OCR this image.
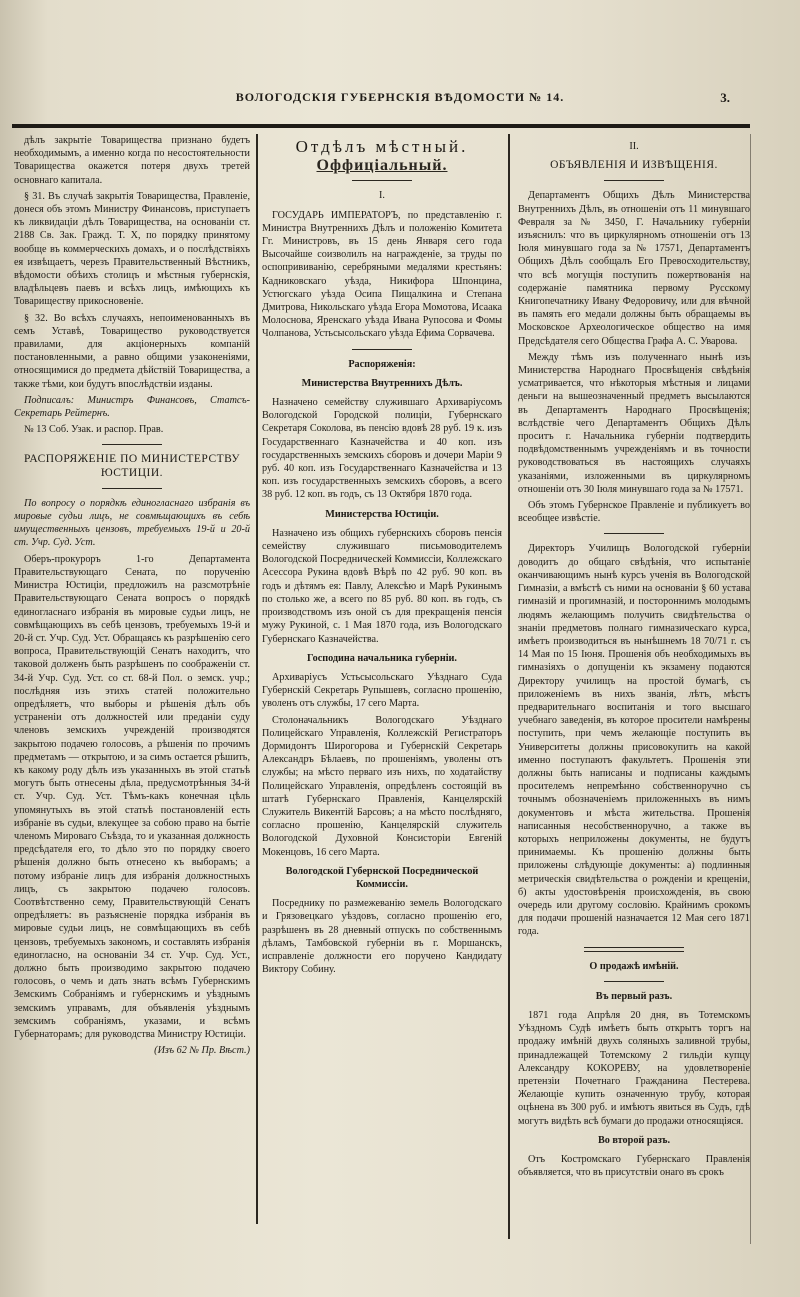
ВОЛОГОДСКІЯ ГУБЕРНСКІЯ ВѢДОМОСТИ № 14.	3.

дѣлъ закрытіе Товарищества признано будетъ необходимымъ, а именно когда по несостоятельности Товарищества окажется потеря двухъ третей основнаго капитала.

§ 31. Въ случаѣ закрытія Товарищества, Правленіе, донеся объ этомъ Министру Финансовъ, приступаетъ къ ликвидаціи дѣлъ Товарищества, на основаніи ст. 2188 Св. Зак. Гражд. Т. X, по порядку принятому вообще въ коммерческихъ домахъ, и о послѣдствіяхъ ея извѣщаетъ, черезъ Правительственный Вѣстникъ, вѣдомости обѣихъ столицъ и мѣстныя губернскія, владѣльцевъ паевъ и всѣхъ лицъ, имѣющихъ къ Товариществу прикосновеніе.

§ 32. Во всѣхъ случаяхъ, непоименованныхъ въ семъ Уставѣ, Товарищество руководствуется правилами, для акціонерныхъ компаній постановленными, а равно общими узаконеніями, относящимися до предмета дѣйствій Товарищества, а также тѣми, кои будутъ впослѣдствіи изданы.

Подписалъ: Министръ Финансовъ, Статсъ-Секретарь Рейтернъ.

№ 13 Соб. Узак. и распор. Прав.

РАСПОРЯЖЕНІЕ ПО МИНИСТЕРСТВУ ЮСТИЦІИ.

По вопросу о порядкѣ единогласнаго избранія въ мировые судьи лицъ, не совмѣщающихъ въ себѣ имущественныхъ цензовъ, требуемыхъ 19-й и 20-й ст. Учр. Суд. Уст.

Оберъ-прокуроръ 1-го Департамента Правительствующаго Сената, по порученію Министра Юстиціи, предложилъ на разсмотрѣніе Правительствующаго Сената вопросъ о порядкѣ единогласнаго избранія въ мировые судьи лицъ, не совмѣщающихъ въ себѣ цензовъ, требуемыхъ 19-й и 20-й ст. Учр. Суд. Уст. Обращаясь къ разрѣшенію сего вопроса, Правительствующій Сенатъ находитъ, что таковой долженъ быть разрѣшенъ по соображеніи ст. 34-й Учр. Суд. Уст. со ст. 68-й Пол. о земск. учр.; послѣдняя изъ этихъ статей положительно опредѣляетъ, что выборы и рѣшенія дѣлъ объ устраненіи отъ должностей или преданіи суду членовъ земскихъ учрежденій производятся закрытою подачею голосовъ, а рѣшенія по прочимъ предметамъ — открытою, и за симъ остается рѣшить, къ какому роду дѣлъ изъ указанныхъ въ этой статьѣ могутъ быть отнесены дѣла, предусмотрѣнныя 34-й ст. Учр. Суд. Уст. Тѣмъ-какъ конечная цѣль упомянутыхъ въ этой статьѣ постановленій есть избраніе въ судьи, влекущее за собою право на бытіе членомъ Мироваго Съѣзда, то и указанная должность предсѣдателя его, то дѣло это по порядку своего рѣшенія должно быть отнесено къ выборамъ; а потому избраніе лицъ для избранія должностныхъ лицъ, съ закрытою подачею голосовъ. Соотвѣтственно сему, Правительствующій Сенатъ опредѣляетъ: въ разъясненіе порядка избранія въ мировые судьи лицъ, не совмѣщающихъ въ себѣ цензовъ, требуемыхъ закономъ, и составлять избранія единогласно, на основаніи 34 ст. Учр. Суд. Уст., должно быть производимо закрытою подачею голосовъ, о чемъ и дать знать всѣмъ Губернскимъ Земскимъ Собраніямъ и губернскимъ и уѣзднымъ земскимъ управамъ, для объявленія уѣзднымъ земскимъ собраніямъ, указами, и всѣмъ Губернаторамъ; для руководства Министру Юстиціи.

(Изъ 62 № Пр. Вѣст.)

Отдѣлъ мѣстный.
Оффиціальный.
I.

ГОСУДАРЬ ИМПЕРАТОРЪ, по представленію г. Министра Внутреннихъ Дѣлъ и положенію Комитета Гг. Министровъ, въ 15 день Января сего года Высочайше соизволилъ на награжденіе, за труды по оспопрививанію, серебряными медалями крестьянъ: Кадниковскаго уѣзда, Никифора Шпонцина, Устюгскаго уѣзда Осипа Пищалкина и Степана Дмитрова, Никольскаго уѣзда Егора Момотова, Исаака Молоснова, Яренскаго уѣзда Ивана Рупосова и Фомы Чолпанова, Устьсысольскаго уѣзда Ефима Сорвачева.

Распоряженія:
Министерства Внутреннихъ Дѣлъ.

Назначено семейству служившаго Архиваріусомъ Вологодской Городской полиціи, Губернскаго Секретаря Соколова, въ пенсію вдовѣ 28 руб. 19 к. изъ Государственнаго Казначейства и 40 коп. изъ государственныхъ земскихъ сборовъ и дочери Маріи 9 руб. 40 коп. изъ Государственнаго Казначейства и 13 коп. изъ государственныхъ земскихъ сборовъ, а всего 38 руб. 12 коп. въ годъ, съ 13 Октября 1870 года.

Министерства Юстиціи.

Назначено изъ общихъ губернскихъ сборовъ пенсія семейству служившаго письмоводителемъ Вологодской Посредническей Коммиссіи, Коллежскаго Асессора Рукина вдовѣ Вѣрѣ по 42 руб. 90 коп. въ годъ и дѣтямъ ея: Павлу, Алексѣю и Марѣ Рукинымъ по столько же, а всего по 85 руб. 80 коп. въ годъ, съ производствомъ изъ оной съ для прекращенія пенсія мужу Рукиной, с. 1 Мая 1870 года, изъ Вологодскаго Губернскаго Казначейства.

Господина начальника губерніи.

Архиваріусъ Устьсысольскаго Уѣзднаго Суда Губернскій Секретарь Рупышевъ, согласно прошенію, уволенъ отъ службы, 17 сего Марта.

Столоначальникъ Вологодскаго Уѣзднаго Полицейскаго Управленія, Коллежскій Регистраторъ Дормидонтъ Широгорова и Губернскій Секретарь Александръ Бѣлаевъ, по прошеніямъ, уволены отъ службы; на мѣсто перваго изъ нихъ, по ходатайству Полицейскаго Управленія, опредѣленъ состоящій въ штатѣ Губернскаго Правленія, Канцелярскій Служитель Викентій Барсовъ; а на мѣсто послѣдняго, согласно прошенію, Канцелярскій служитель Вологодской Духовной Консисторіи Евгеній Мокенцовъ, 16 сего Марта.

Вологодской Губернской Посреднической Коммиссіи.

Посреднику по размежеванію земель Вологодскаго и Грязовецкаго уѣздовъ, согласно прошенію его, разрѣшенъ въ 28 дневный отпускъ по собственнымъ дѣламъ, Тамбовской губерніи въ г. Моршанскъ, исправленіе должности его поручено Кандидату Виктору Собину.

II.
ОБЪЯВЛЕНІЯ И ИЗВѢЩЕНІЯ.

Департаментъ Общихъ Дѣлъ Министерства Внутреннихъ Дѣлъ, въ отношеніи отъ 11 минувшаго Февраля за № 3450, Г. Начальнику губерніи изъяснилъ: что въ циркулярномъ отношеніи отъ 13 Іюля минувшаго года за № 17571, Департаментъ Общихъ Дѣлъ сообщалъ Его Превосходительству, что всѣ могущія поступить пожертвованія на содержаніе памятника первому Русскому Книгопечатнику Ивану Федоровичу, или для вѣчной въ память его медали должны быть обращаемы въ Московское Археологическое общество на имя Предсѣдателя сего Общества Графа А. С. Уварова.

Между тѣмъ изъ полученнаго нынѣ изъ Министерства Народнаго Просвѣщенія свѣдѣнія усматривается, что нѣкоторыя мѣстныя и лицами деньги на вышеозначенный предметъ высылаются въ Департаментъ Народнаго Просвѣщенія; вслѣдствіе чего Департаментъ Общихъ Дѣлъ проситъ г. Начальника губерніи подтвердить подвѣдомственнымъ учрежденіямъ и въ точности руководствоваться въ настоящихъ случаяхъ указаніями, изложенными въ циркулярномъ отношеніи отъ 30 Іюля минувшаго года за № 17571.

Объ этомъ Губернское Правленіе и публикуетъ во всеобщее извѣстіе.

Директоръ Училищъ Вологодской губерніи доводитъ до общаго свѣдѣнія, что испытаніе оканчивающимъ нынѣ курсъ ученія въ Вологодской Гимназіи, а вмѣстѣ съ ними на основаніи § 60 устава гимназій и прогимназій, и постороннимъ молодымъ людямъ желающимъ получить свидѣтельства о знаніи предметовъ полнаго гимназическаго курса, имѣетъ производиться въ нынѣшнемъ 18 70/71 г. съ 14 Мая по 15 Іюня. Прошенія объ необходимыхъ въ гимназіяхъ о допущеніи къ экзамену подаются Директору училищъ на простой бумагѣ, съ приложеніемъ въ нихъ званія, лѣтъ, мѣстъ предварительнаго воспитанія и того высшаго учебнаго заведенія, въ которое просители намѣрены поступить, при чемъ желающіе поступить въ Университеты должны присовокупить на какой именно поступаютъ факультетъ. Прошенія эти должны быть написаны и подписаны каждымъ просителемъ непремѣнно собственноручно съ точнымъ обозначеніемъ приложенныхъ въ нимъ документовъ и мѣста жительства. Прошенія написанныя несобственноручно, а также въ которыхъ неприложены документы, не будутъ принимаемы. Къ прошенію должны быть приложены слѣдующіе документы: а) подлинныя метрическія свидѣтельства о рожденіи и крещеніи, б) акты удостовѣренія происхожденія, въ свою очередь или другому сословію. Крайнимъ срокомъ для подачи прошеній назначается 12 Мая сего 1871 года.

О продажѣ имѣній.
Въ первый разъ.

1871 года Апрѣля 20 дня, въ Тотемскомъ Уѣздномъ Судѣ имѣетъ быть открытъ торгъ на продажу имѣній двухъ соляныхъ заливной трубы, принадлежащей Тотемскому 2 гильдіи купцу Александру КОКОРЕВУ, на удовлетвореніе претензіи Почетнаго Гражданина Пестерева. Желающіе купить означенную трубу, которая оцѣнена въ 300 руб. и имѣютъ явиться въ Судъ, гдѣ могутъ видѣть всѣ бумаги до продажи относящіяся.

Во второй разъ.

Отъ Костромскаго Губернскаго Правленія объявляется, что въ присутствіи онаго въ срокъ
